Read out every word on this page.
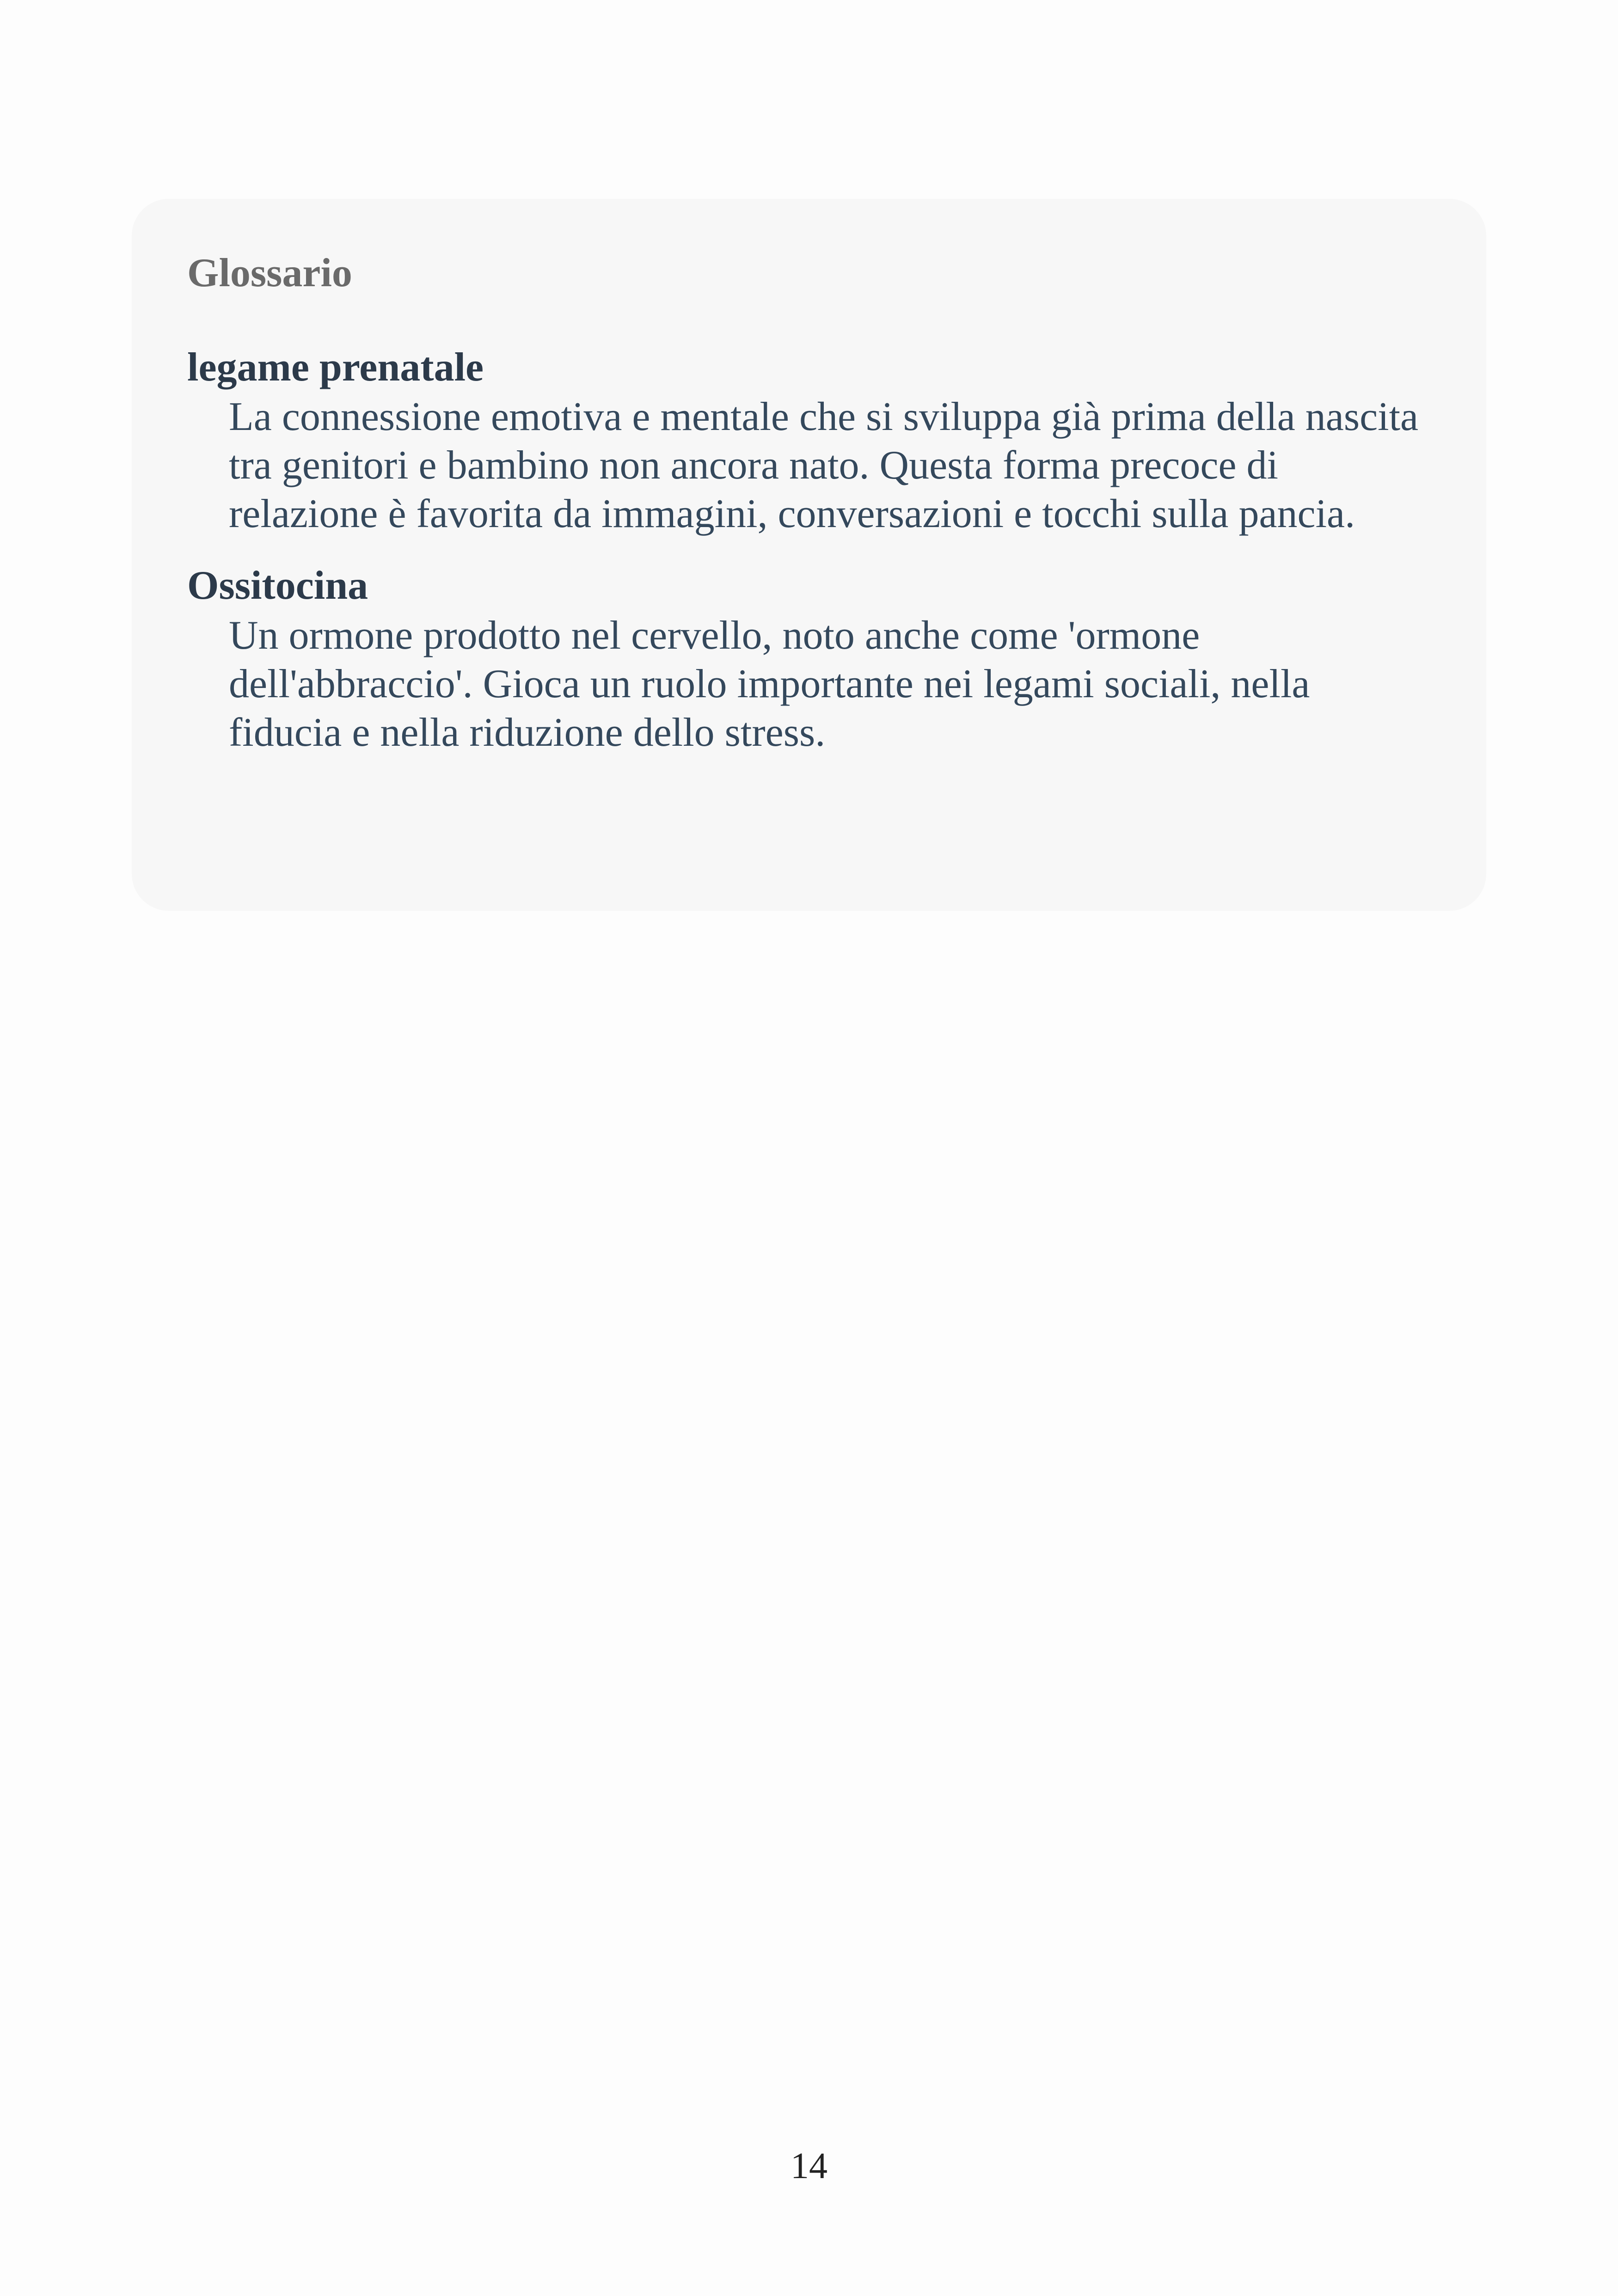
Glossario
legame prenatale
La connessione emotiva e mentale che si sviluppa già prima della nascita tra genitori e bambino non ancora nato. Questa forma precoce di relazione è favorita da immagini, conversazioni e tocchi sulla pancia.
Ossitocina
Un ormone prodotto nel cervello, noto anche come 'ormone dell'abbraccio'. Gioca un ruolo importante nei legami sociali, nella fiducia e nella riduzione dello stress.
14
